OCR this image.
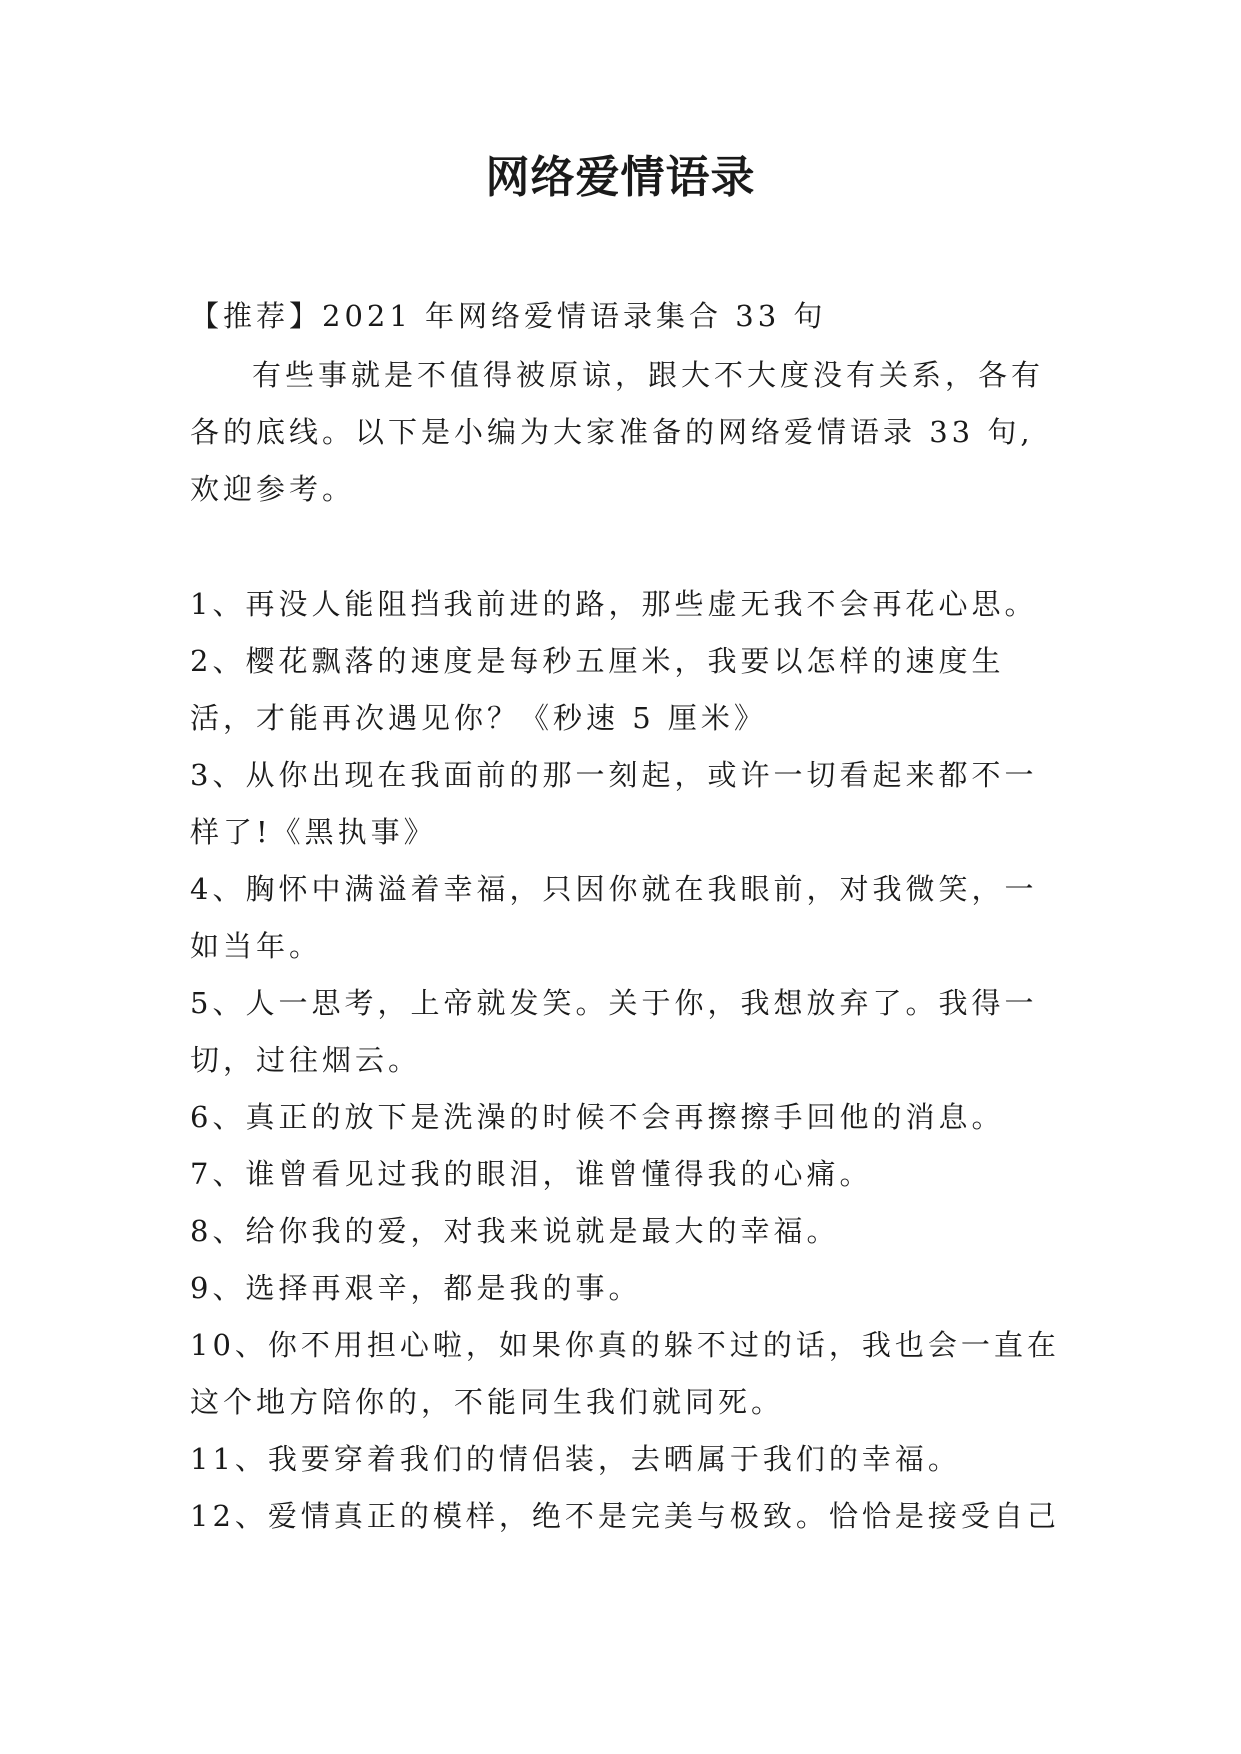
网络爱情语录
【推荐】2021 年网络爱情语录集合 33 句
有些事就是不值得被原谅，跟大不大度没有关系，各有各的底线。以下是小编为大家准备的网络爱情语录 33 句,欢迎参考。

1、再没人能阻挡我前进的路，那些虚无我不会再花心思。

2、樱花飘落的速度是每秒五厘米，我要以怎样的速度生活，才能再次遇见你？《秒速 5 厘米》

3、从你出现在我面前的那一刻起，或许一切看起来都不一样了!《黑执事》

4、胸怀中满溢着幸福，只因你就在我眼前，对我微笑，一如当年。

5、人一思考，上帝就发笑。关于你，我想放弃了。我得一切，过往烟云。

6、真正的放下是洗澡的时候不会再擦擦手回他的消息。

7、谁曾看见过我的眼泪，谁曾懂得我的心痛。

8、给你我的爱，对我来说就是最大的幸福。

9、选择再艰辛，都是我的事。

10、你不用担心啦，如果你真的躲不过的话，我也会一直在这个地方陪你的，不能同生我们就同死。

11、我要穿着我们的情侣装，去晒属于我们的幸福。

12、爱情真正的模样，绝不是完美与极致。恰恰是接受自己
